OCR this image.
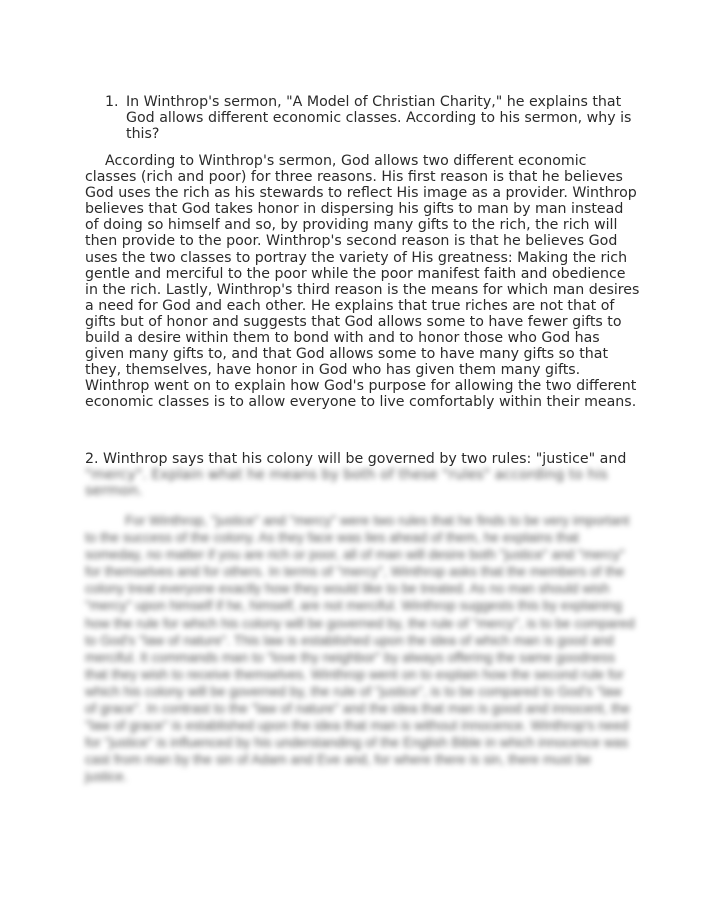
1. In Winthrop's sermon, "A Model of Christian Charity," he explains that God allows different economic classes. According to his sermon, why is this?
According to Winthrop's sermon, God allows two different economic classes (rich and poor) for three reasons. His first reason is that he believes God uses the rich as his stewards to reflect His image as a provider. Winthrop believes that God takes honor in dispersing his gifts to man by man instead of doing so himself and so, by providing many gifts to the rich, the rich will then provide to the poor. Winthrop's second reason is that he believes God uses the two classes to portray the variety of His greatness: Making the rich gentle and merciful to the poor while the poor manifest faith and obedience in the rich. Lastly, Winthrop's third reason is the means for which man desires a need for God and each other. He explains that true riches are not that of gifts but of honor and suggests that God allows some to have fewer gifts to build a desire within them to bond with and to honor those who God has given many gifts to, and that God allows some to have many gifts so that they, themselves, have honor in God who has given them many gifts. Winthrop went on to explain how God's purpose for allowing the two different economic classes is to allow everyone to live comfortably within their means.
2. Winthrop says that his colony will be governed by two rules: "justice" and
"mercy". Explain what he means by both of these "rules" according to his sermon.
For Winthrop, "justice" and "mercy" were two rules that he finds to be very important to the success of the colony. As they face was lies ahead of them, he explains that someday, no matter if you are rich or poor, all of man will desire both "justice" and "mercy" for themselves and for others. In terms of "mercy", Winthrop asks that the members of the colony treat everyone exactly how they would like to be treated. As no man should wish "mercy" upon himself if he, himself, are not merciful. Winthrop suggests this by explaining how the rule for which his colony will be governed by, the rule of "mercy", is to be compared to God's "law of nature". This law is established upon the idea of which man is good and merciful. It commands man to "love thy neighbor" by always offering the same goodness that they wish to receive themselves. Winthrop went on to explain how the second rule for which his colony will be governed by, the rule of "justice", is to be compared to God's "law of grace". In contrast to the "law of nature" and the idea that man is good and innocent, the "law of grace" is established upon the idea that man is without innocence. Winthrop's need for "justice" is influenced by his understanding of the English Bible in which innocence was cast from man by the sin of Adam and Eve and, for where there is sin, there must be justice.
